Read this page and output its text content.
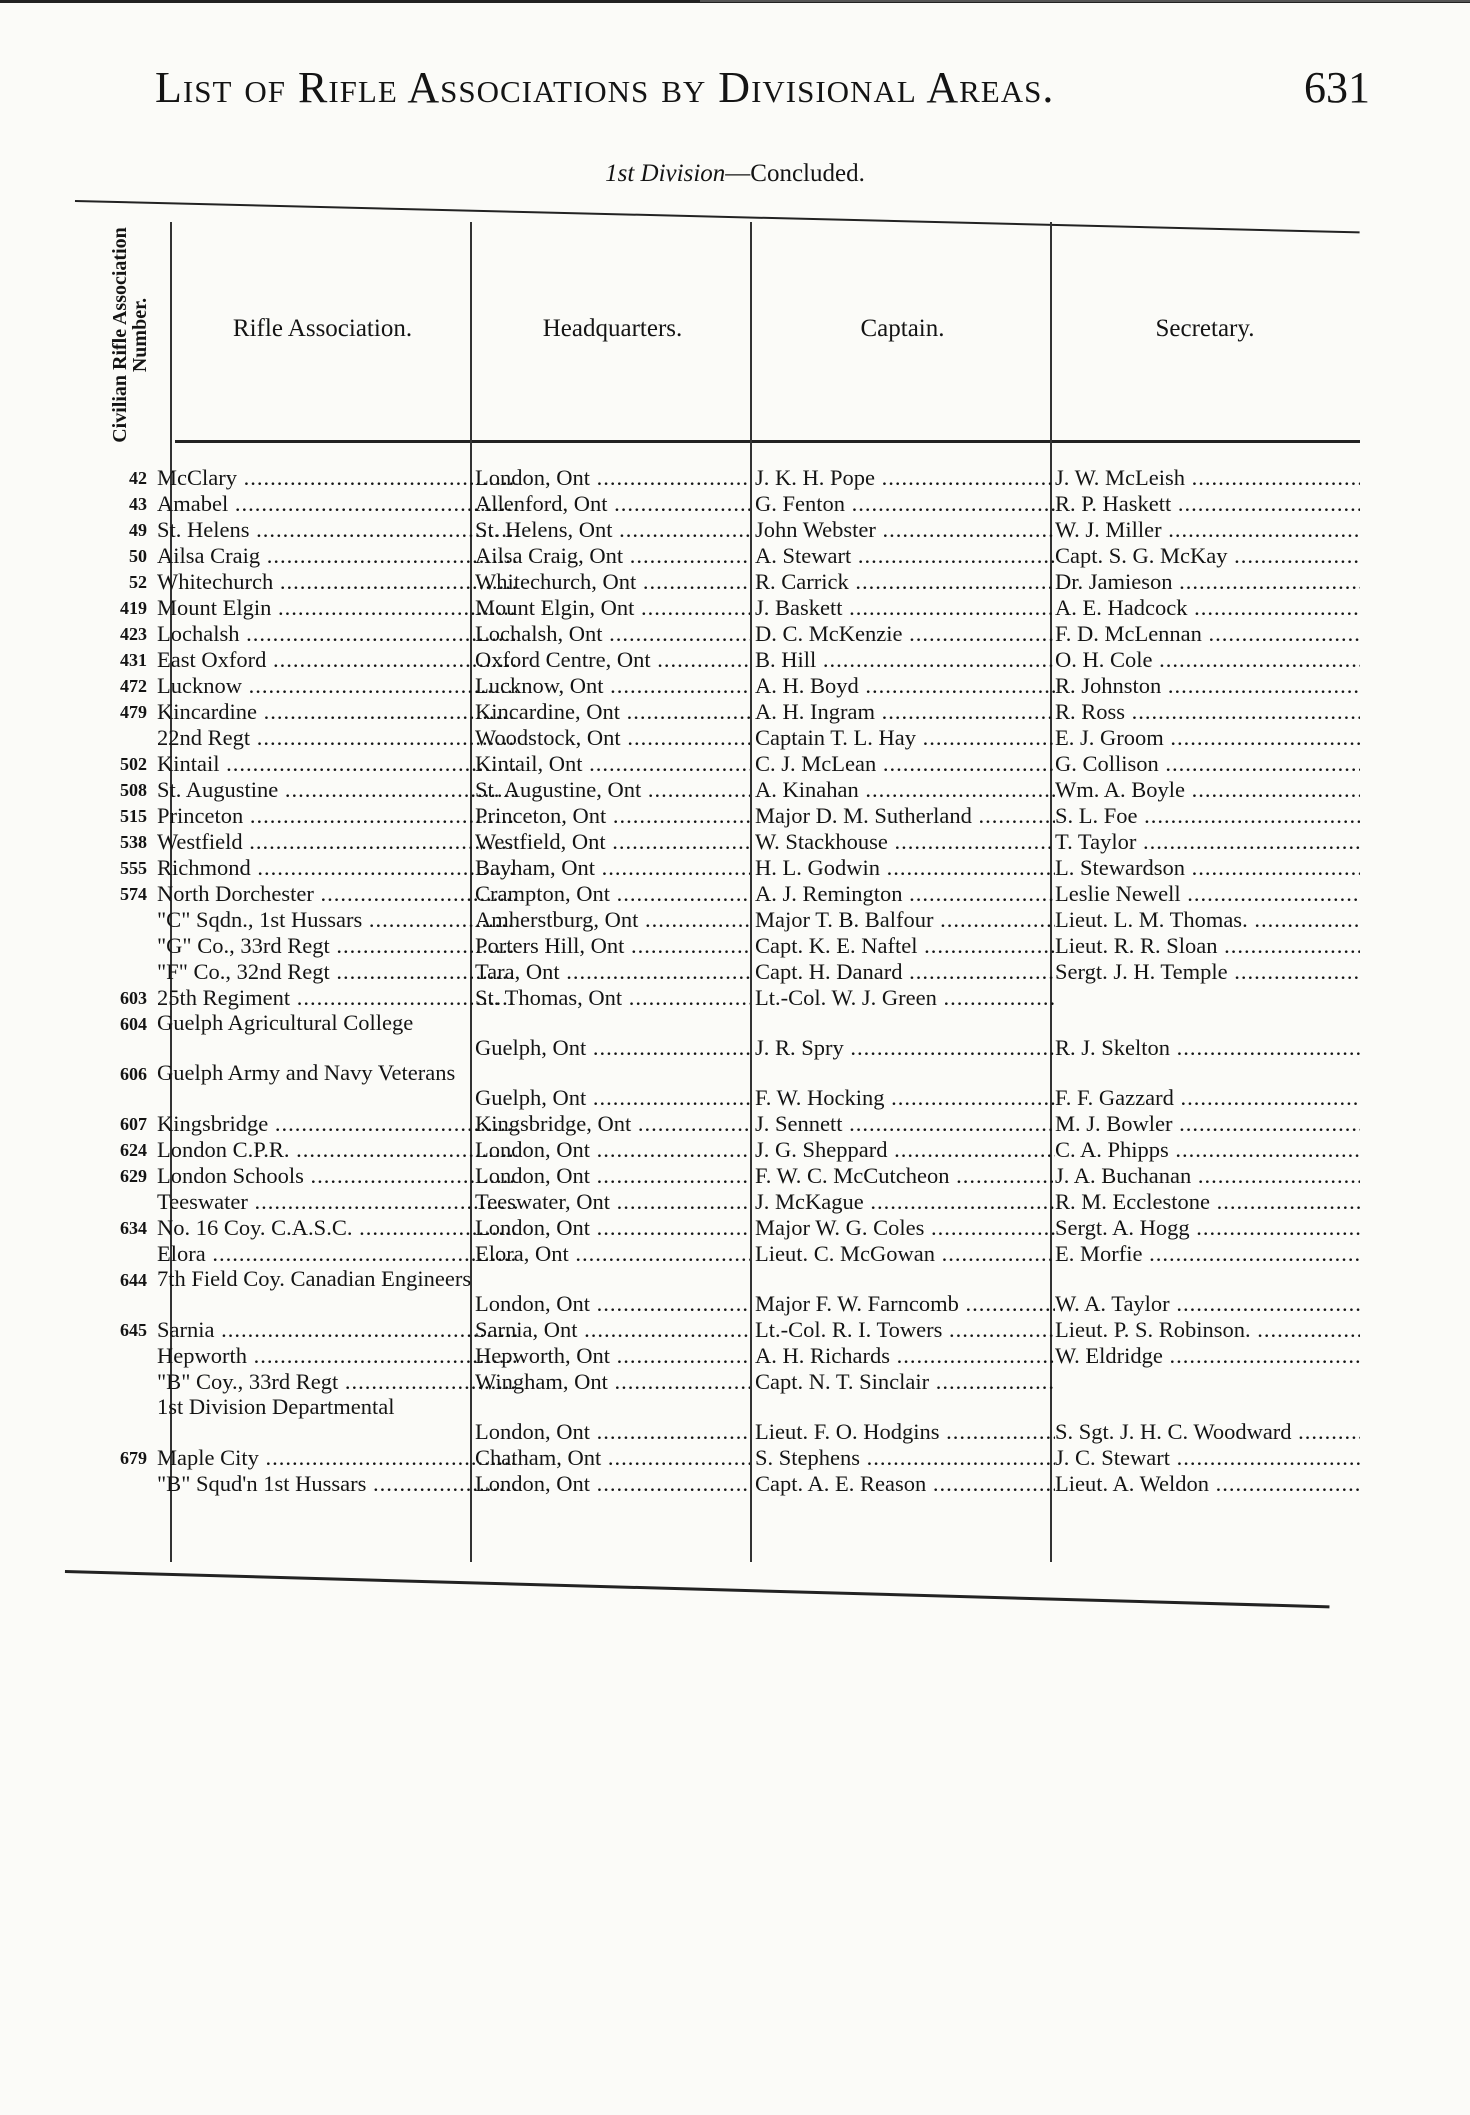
List of Rifle Associations by Divisional Areas.	631
1st Division—Concluded.
Civilian Rifle Association Number.	Rifle Association.	Headquarters.	Captain.	Secretary.
42 McClary .....	London, Ont .....	J. K. H. Pope .....	J. W. McLeish .....
43 Amabel .....	Allenford, Ont .....	G. Fenton .....	R. P. Haskett .....
49 St. Helens .....	St. Helens, Ont .....	John Webster .....	W. J. Miller .....
50 Ailsa Craig .....	Ailsa Craig, Ont .....	A. Stewart .....	Capt. S. G. McKay .....
52 Whitechurch .....	Whitechurch, Ont .....	R. Carrick .....	Dr. Jamieson .....
419 Mount Elgin .....	Mount Elgin, Ont .....	J. Baskett .....	A. E. Hadcock .....
423 Lochalsh .....	Lochalsh, Ont .....	D. C. McKenzie .....	F. D. McLennan .....
431 East Oxford .....	Oxford Centre, Ont .....	B. Hill .....	O. H. Cole .....
472 Lucknow .....	Lucknow, Ont .....	A. H. Boyd .....	R. Johnston .....
479 Kincardine .....	Kincardine, Ont .....	A. H. Ingram .....	R. Ross .....
22nd Regt .....	Woodstock, Ont .....	Captain T. L. Hay .....	E. J. Groom .....
502 Kintail .....	Kintail, Ont .....	C. J. McLean .....	G. Collison .....
508 St. Augustine .....	St. Augustine, Ont .....	A. Kinahan .....	Wm. A. Boyle .....
515 Princeton .....	Princeton, Ont .....	Major D. M. Sutherland .....	S. L. Foe .....
538 Westfield .....	Westfield, Ont .....	W. Stackhouse .....	T. Taylor .....
555 Richmond .....	Bayham, Ont .....	H. L. Godwin .....	L. Stewardson .....
574 North Dorchester .....	Crampton, Ont .....	A. J. Remington .....	Leslie Newell .....
"C" Sqdn., 1st Hussars .....	Amherstburg, Ont .....	Major T. B. Balfour .....	Lieut. L. M. Thomas. .....
"G" Co., 33rd Regt .....	Porters Hill, Ont .....	Capt. K. E. Naftel .....	Lieut. R. R. Sloan .....
"F" Co., 32nd Regt .....	Tara, Ont .....	Capt. H. Danard .....	Sergt. J. H. Temple .....
603 25th Regiment .....	St. Thomas, Ont .....	Lt.-Col. W. J. Green .....
604 Guelph Agricultural College
Guelph, Ont .....	J. R. Spry .....	R. J. Skelton .....
606 Guelph Army and Navy Veterans
Guelph, Ont .....	F. W. Hocking .....	F. F. Gazzard .....
607 Kingsbridge .....	Kingsbridge, Ont .....	J. Sennett .....	M. J. Bowler .....
624 London C.P.R. .....	London, Ont .....	J. G. Sheppard .....	C. A. Phipps .....
629 London Schools .....	London, Ont .....	F. W. C. McCutcheon .....	J. A. Buchanan .....
Teeswater .....	Teeswater, Ont .....	J. McKague .....	R. M. Ecclestone .....
634 No. 16 Coy. C.A.S.C. .....	London, Ont .....	Major W. G. Coles .....	Sergt. A. Hogg .....
Elora .....	Elora, Ont .....	Lieut. C. McGowan .....	E. Morfie .....
644 7th Field Coy. Canadian Engineers
London, Ont .....	Major F. W. Farncomb .....	W. A. Taylor .....
645 Sarnia .....	Sarnia, Ont .....	Lt.-Col. R. I. Towers .....	Lieut. P. S. Robinson. .....
Hepworth .....	Hepworth, Ont .....	A. H. Richards .....	W. Eldridge .....
"B" Coy., 33rd Regt .....	Wingham, Ont .....	Capt. N. T. Sinclair .....
1st Division Departmental
London, Ont .....	Lieut. F. O. Hodgins .....	S. Sgt. J. H. C. Woodward .....
679 Maple City .....	Chatham, Ont .....	S. Stephens .....	J. C. Stewart .....
"B" Squd'n 1st Hussars .....	London, Ont .....	Capt. A. E. Reason .....	Lieut. A. Weldon .....
